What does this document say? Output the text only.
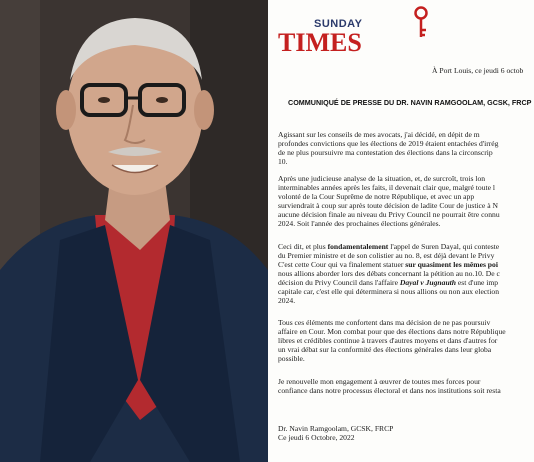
SUNDAY
TIMES
À Port Louis, ce jeudi 6 octob
COMMUNIQUÉ DE PRESSE DU DR. NAVIN RAMGOOLAM, GCSK, FRCP
Agissant sur les conseils de mes avocats, j'ai décidé, en dépit de m
profondes convictions que les élections de 2019 étaient entachées d'irrég
de ne plus poursuivre ma contestation des élections dans la circonscrip
10.
Après une judicieuse analyse de la situation, et, de surcroît, trois lon
interminables années après les faits, il devenait clair que, malgré toute l
volonté de la Cour Suprême de notre République, et avec un app
surviendrait à coup sur après toute décision de ladite Cour de justice à N
aucune décision finale au niveau du Privy Council ne pourrait être connu
2024. Soit l'année des prochaines élections générales.
Ceci dit, et plus fondamentalement l'appel de Suren Dayal, qui conteste
du Premier ministre et de son colistier au no. 8, est déjà devant le Privy
C'est cette Cour qui va finalement statuer sur quasiment les mêmes poi
nous allions aborder lors des débats concernant la pétition au no.10. De c
décision du Privy Council dans l'affaire Dayal v Jugnauth est d'une imp
capitale car, c'est elle qui déterminera si nous allions ou non aux election
2024.
Tous ces éléments me confortent dans ma décision de ne pas poursuiv
affaire en Cour. Mon combat pour que des élections dans notre République
libres et crédibles continue à travers d'autres moyens et dans d'autres for
un vrai débat sur la conformité des élections générales dans leur globa
possible.
Je renouvelle mon engagement à œuvrer de toutes mes forces pour
confiance dans notre processus électoral et dans nos institutions soit resta
Dr. Navin Ramgoolam, GCSK, FRCP
Ce jeudi 6 Octobre, 2022
